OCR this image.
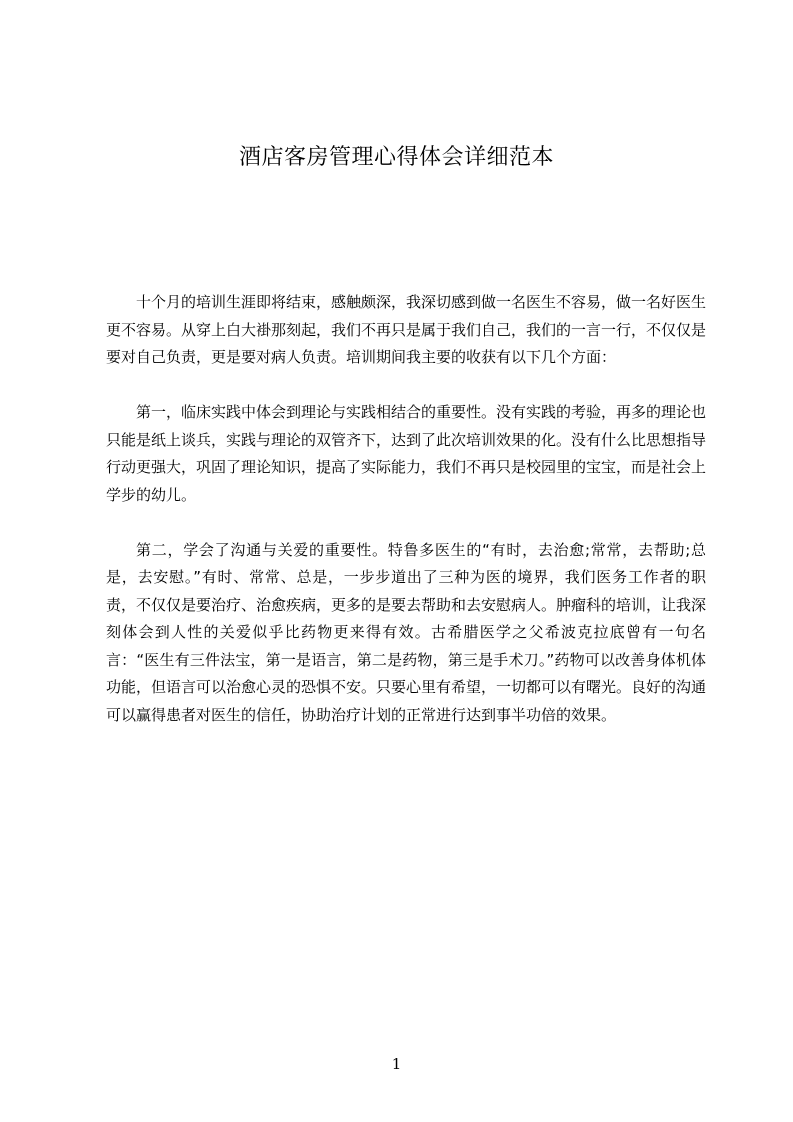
酒店客房管理心得体会详细范本

十个月的培训生涯即将结束，感触颇深，我深切感到做一名医生不容易，做一名好医生更不容易。从穿上白大褂那刻起，我们不再只是属于我们自己，我们的一言一行，不仅仅是要对自己负责，更是要对病人负责。培训期间我主要的收获有以下几个方面：

第一，临床实践中体会到理论与实践相结合的重要性。没有实践的考验，再多的理论也只能是纸上谈兵，实践与理论的双管齐下，达到了此次培训效果的化。没有什么比思想指导行动更强大，巩固了理论知识，提高了实际能力，我们不再只是校园里的宝宝，而是社会上学步的幼儿。

第二，学会了沟通与关爱的重要性。特鲁多医生的“有时，去治愈;常常，去帮助;总是，去安慰。”有时、常常、总是，一步步道出了三种为医的境界，我们医务工作者的职责，不仅仅是要治疗、治愈疾病，更多的是要去帮助和去安慰病人。肿瘤科的培训，让我深刻体会到人性的关爱似乎比药物更来得有效。古希腊医学之父希波克拉底曾有一句名言：“医生有三件法宝，第一是语言，第二是药物，第三是手术刀。”药物可以改善身体机体功能，但语言可以治愈心灵的恐惧不安。只要心里有希望，一切都可以有曙光。良好的沟通可以赢得患者对医生的信任，协助治疗计划的正常进行达到事半功倍的效果。

1
